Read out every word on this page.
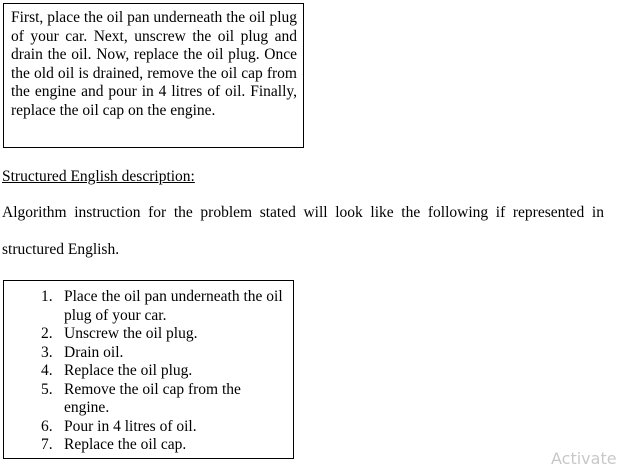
First, place the oil pan underneath the oil plug of your car. Next, unscrew the oil plug and drain the oil. Now, replace the oil plug. Once the old oil is drained, remove the oil cap from the engine and pour in 4 litres of oil. Finally, replace the oil cap on the engine.
Structured English description:
Algorithm instruction for the problem stated will look like the following if represented in
structured English.
1. Place the oil pan underneath the oil plug of your car.
2. Unscrew the oil plug.
3. Drain oil.
4. Replace the oil plug.
5. Remove the oil cap from the engine.
6. Pour in 4 litres of oil.
7. Replace the oil cap.
Activate
